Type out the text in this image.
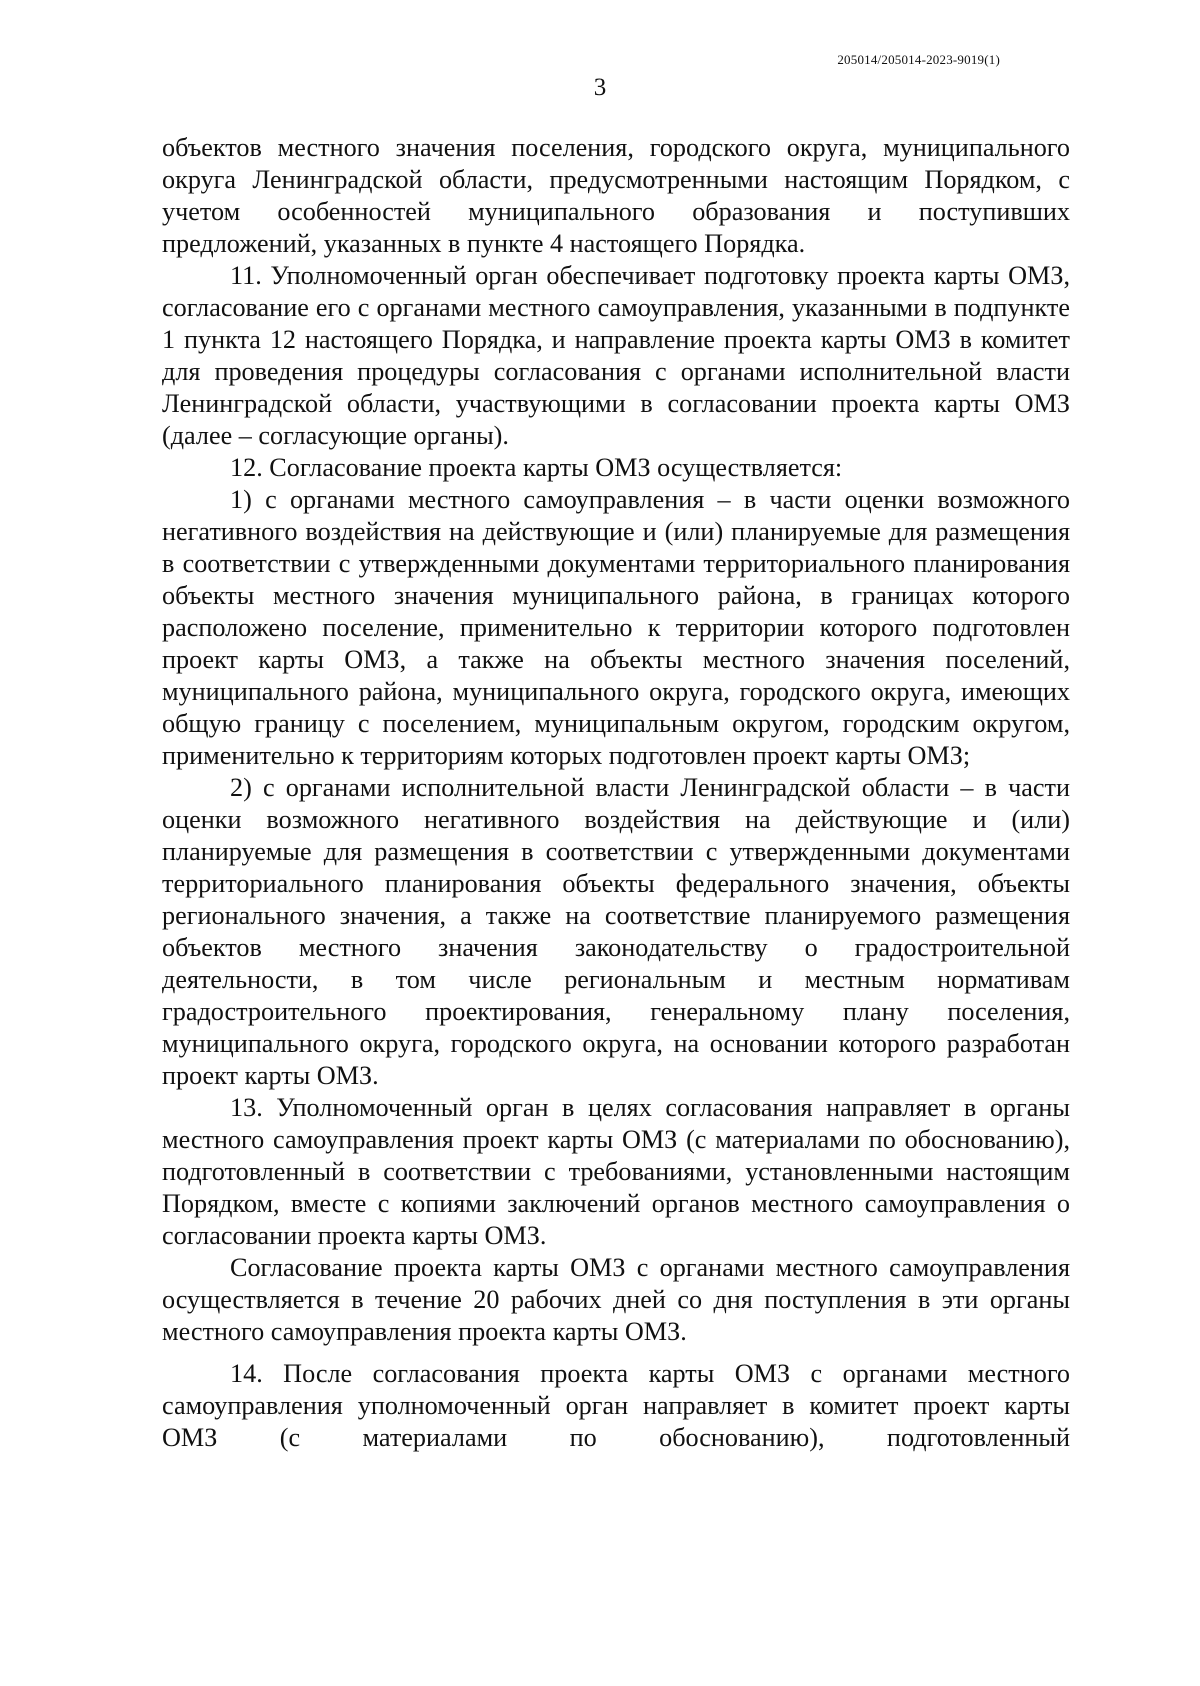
205014/205014-2023-9019(1)
3

объектов местного значения поселения, городского округа, муниципального округа Ленинградской области, предусмотренными настоящим Порядком, с учетом особенностей муниципального образования и поступивших предложений, указанных в пункте 4 настоящего Порядка.

11. Уполномоченный орган обеспечивает подготовку проекта карты ОМЗ, согласование его с органами местного самоуправления, указанными в подпункте 1 пункта 12 настоящего Порядка, и направление проекта карты ОМЗ в комитет для проведения процедуры согласования с органами исполнительной власти Ленинградской области, участвующими в согласовании проекта карты ОМЗ (далее – согласующие органы).

12. Согласование проекта карты ОМЗ осуществляется:

1) с органами местного самоуправления – в части оценки возможного негативного воздействия на действующие и (или) планируемые для размещения в соответствии с утвержденными документами территориального планирования объекты местного значения муниципального района, в границах которого расположено поселение, применительно к территории которого подготовлен проект карты ОМЗ, а также на объекты местного значения поселений, муниципального района, муниципального округа, городского округа, имеющих общую границу с поселением, муниципальным округом, городским округом, применительно к территориям которых подготовлен проект карты ОМЗ;

2) с органами исполнительной власти Ленинградской области – в части оценки возможного негативного воздействия на действующие и (или) планируемые для размещения в соответствии с утвержденными документами территориального планирования объекты федерального значения, объекты регионального значения, а также на соответствие планируемого размещения объектов местного значения законодательству о градостроительной деятельности, в том числе региональным и местным нормативам градостроительного проектирования, генеральному плану поселения, муниципального округа, городского округа, на основании которого разработан проект карты ОМЗ.

13. Уполномоченный орган в целях согласования направляет в органы местного самоуправления проект карты ОМЗ (с материалами по обоснованию), подготовленный в соответствии с требованиями, установленными настоящим Порядком, вместе с копиями заключений органов местного самоуправления о согласовании проекта карты ОМЗ.

Согласование проекта карты ОМЗ с органами местного самоуправления осуществляется в течение 20 рабочих дней со дня поступления в эти органы местного самоуправления проекта карты ОМЗ.

14. После согласования проекта карты ОМЗ с органами местного самоуправления уполномоченный орган направляет в комитет проект карты ОМЗ (с материалами по обоснованию), подготовленный
